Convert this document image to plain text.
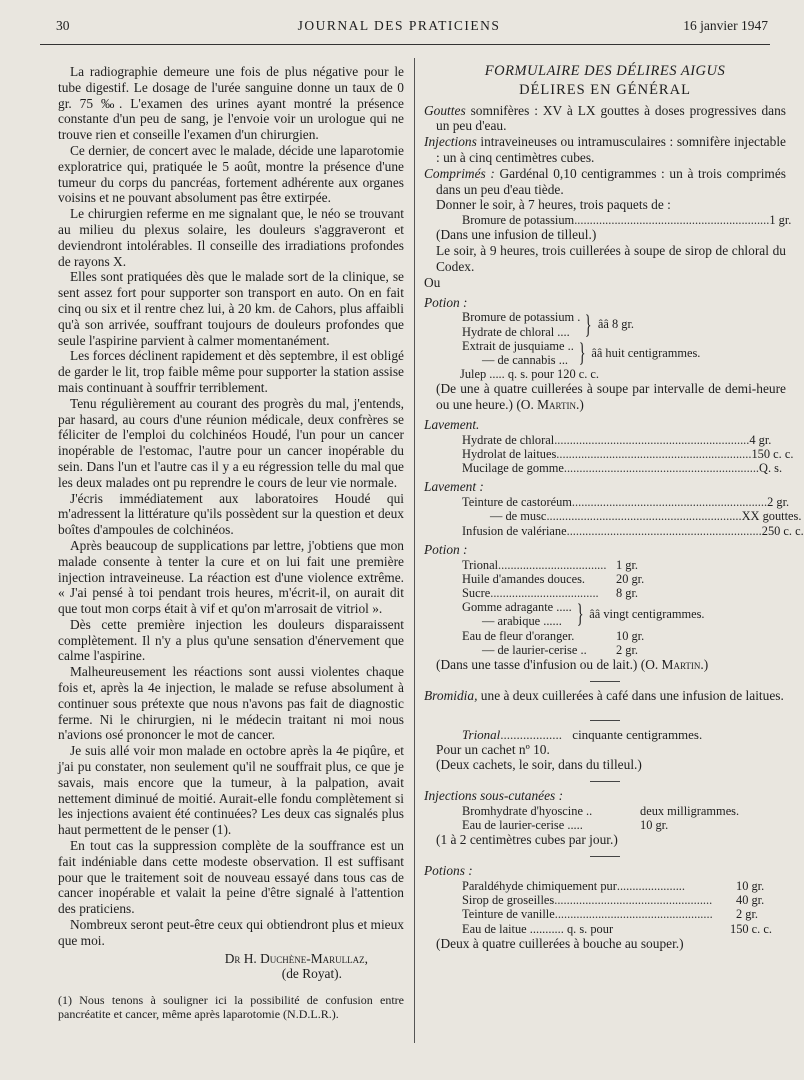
30	JOURNAL DES PRATICIENS	16 janvier 1947

La radiographie demeure une fois de plus négative pour le tube digestif. Le dosage de l'urée sanguine donne un taux de 0 gr. 75 ‰. L'examen des urines ayant montré la présence constante d'un peu de sang, je l'envoie voir un urologue qui ne trouve rien et conseille l'examen d'un chirurgien.

Ce dernier, de concert avec le malade, décide une laparotomie exploratrice qui, pratiquée le 5 août, montre la présence d'une tumeur du corps du pancréas, fortement adhérente aux organes voisins et ne pouvant absolument pas être extirpée.

Le chirurgien referme en me signalant que, le néo se trouvant au milieu du plexus solaire, les douleurs s'aggraveront et deviendront intolérables. Il conseille des irradiations profondes de rayons X.

Elles sont pratiquées dès que le malade sort de la clinique, se sent assez fort pour supporter son transport en auto. On en fait cinq ou six et il rentre chez lui, à 20 km. de Cahors, plus affaibli qu'à son arrivée, souffrant toujours de douleurs profondes que seule l'aspirine parvient à calmer momentanément.

Les forces déclinent rapidement et dès septembre, il est obligé de garder le lit, trop faible même pour supporter la station assise mais continuant à souffrir terriblement.

Tenu régulièrement au courant des progrès du mal, j'entends, par hasard, au cours d'une réunion médicale, deux confrères se féliciter de l'emploi du colchinéos Houdé, l'un pour un cancer inopérable de l'estomac, l'autre pour un cancer inopérable du sein. Dans l'un et l'autre cas il y a eu régression telle du mal que les deux malades ont pu reprendre le cours de leur vie normale.

J'écris immédiatement aux laboratoires Houdé qui m'adressent la littérature qu'ils possèdent sur la question et deux boîtes d'ampoules de colchinéos.

Après beaucoup de supplications par lettre, j'obtiens que mon malade consente à tenter la cure et on lui fait une première injection intraveineuse. La réaction est d'une violence extrême. « J'ai pensé à toi pendant trois heures, m'écrit-il, on aurait dit que tout mon corps était à vif et qu'on m'arrosait de vitriol ».

Dès cette première injection les douleurs disparaissent complètement. Il n'y a plus qu'une sensation d'énervement que calme l'aspirine.

Malheureusement les réactions sont aussi violentes chaque fois et, après la 4e injection, le malade se refuse absolument à continuer sous prétexte que nous n'avons pas fait de diagnostic ferme. Ni le chirurgien, ni le médecin traitant ni moi nous n'avions osé prononcer le mot de cancer.

Je suis allé voir mon malade en octobre après la 4e piqûre, et j'ai pu constater, non seulement qu'il ne souffrait plus, ce que je savais, mais encore que la tumeur, à la palpation, avait nettement diminué de moitié. Aurait-elle fondu complètement si les injections avaient été continuées? Les deux cas signalés plus haut permettent de le penser (1).

En tout cas la suppression complète de la souffrance est un fait indéniable dans cette modeste observation. Il est suffisant pour que le traitement soit de nouveau essayé dans tous cas de cancer inopérable et valait la peine d'être signalé à l'attention des praticiens.

Nombreux seront peut-être ceux qui obtiendront plus et mieux que moi.

Dr H. Duchène-Marullaz,
(de Royat).
(1) Nous tenons à souligner ici la possibilité de confusion entre pancréatite et cancer, même après laparotomie (N.D.L.R.).
FORMULAIRE DES DÉLIRES AIGUS
DÉLIRES EN GÉNÉRAL

Gouttes somnifères : XV à LX gouttes à doses progressives dans un peu d'eau.

Injections intraveineuses ou intramusculaires : somnifère injectable : un à cinq centimètres cubes.

Comprimés : Gardénal 0,10 centigrammes : un à trois comprimés dans un peu d'eau tiède.

Donner le soir, à 7 heures, trois paquets de :

Bromure de potassium ............................................................... 1 gr.

(Dans une infusion de tilleul.)

Le soir, à 9 heures, trois cuillerées à soupe de sirop de chloral du Codex.

Ou

Potion :
Bromure de potassium .
Hydrate de chloral .... } ââ 8 gr.
Extrait de jusquiame ..
— de cannabis ... } ââ huit centigrammes.
Julep ..... q. s. pour 120 c. c.

(De une à quatre cuillerées à soupe par intervalle de demi-heure ou une heure.) (O. Martin.)

Lavement.
Hydrate de chloral ............................................................... 4 gr.
Hydrolat de laitues ............................................................... 150 c. c.
Mucilage de gomme ............................................................... Q. s.
Lavement :
Teinture de castoréum ............................................................... 2 gr.
— de musc ............................................................... XX gouttes.
Infusion de valériane ............................................................... 250 c. c.
Potion :
Trional ................................... 1 gr.
Huile d'amandes douces. 20 gr.
Sucre ...................................	8 gr.
Gomme adragante .....
— arabique ...... } ââ vingt centigrammes.
Eau de fleur d'oranger.	10 gr.
— de laurier-cerise .. 2 gr.

(Dans une tasse d'infusion ou de lait.) (O. Martin.)

Bromidia, une à deux cuillerées à café dans une infusion de laitues.

Trional ................... cinquante centigrammes.

Pour un cachet nº 10.

(Deux cachets, le soir, dans du tilleul.)

Injections sous-cutanées :
Bromhydrate d'hyoscine ..	deux milligrammes.
Eau de laurier-cerise .....	10 gr.

(1 à 2 centimètres cubes par jour.)

Potions :
Paraldéhyde chimiquement pur ......................	10 gr.
Sirop de groseilles ...................................................	40 gr.
Teinture de vanille ...................................................	2 gr.
Eau de laitue ........... q. s. pour	150 c. c.

(Deux à quatre cuillerées à bouche au souper.)
